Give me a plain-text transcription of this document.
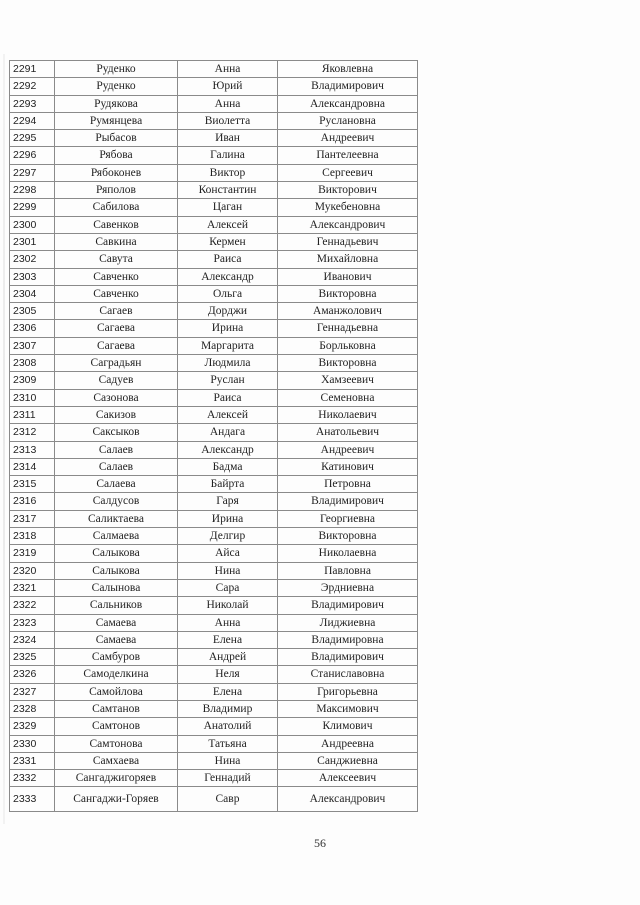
2291	Руденко	Анна	Яковлевна
2292	Руденко	Юрий	Владимирович
2293	Рудякова	Анна	Александровна
2294	Румянцева	Виолетта	Руслановна
2295	Рыбасов	Иван	Андреевич
2296	Рябова	Галина	Пантелеевна
2297	Рябоконев	Виктор	Сергеевич
2298	Ряполов	Константин	Викторович
2299	Сабилова	Цаган	Мукебеновна
2300	Савенков	Алексей	Александрович
2301	Савкина	Кермен	Геннадьевич
2302	Савута	Раиса	Михайловна
2303	Савченко	Александр	Иванович
2304	Савченко	Ольга	Викторовна
2305	Сагаев	Дорджи	Аманжолович
2306	Сагаева	Ирина	Геннадьевна
2307	Сагаева	Маргарита	Борльковна
2308	Саградьян	Людмила	Викторовна
2309	Садуев	Руслан	Хамзеевич
2310	Сазонова	Раиса	Семеновна
2311	Сакизов	Алексей	Николаевич
2312	Саксыков	Андага	Анатольевич
2313	Салаев	Александр	Андреевич
2314	Салаев	Бадма	Катинович
2315	Салаева	Байрта	Петровна
2316	Салдусов	Гаря	Владимирович
2317	Саликтаева	Ирина	Георгиевна
2318	Салмаева	Делгир	Викторовна
2319	Салыкова	Айса	Николаевна
2320	Салыкова	Нина	Павловна
2321	Салынова	Сара	Эрдниевна
2322	Сальников	Николай	Владимирович
2323	Самаева	Анна	Лиджиевна
2324	Самаева	Елена	Владимировна
2325	Самбуров	Андрей	Владимирович
2326	Самоделкина	Неля	Станиславовна
2327	Самойлова	Елена	Григорьевна
2328	Самтанов	Владимир	Максимович
2329	Самтонов	Анатолий	Климович
2330	Самтонова	Татьяна	Андреевна
2331	Самхаева	Нина	Санджиевна
2332	Сангаджигоряев	Геннадий	Алексеевич
2333	Сангаджи-Горяев	Савр	Александрович
56
